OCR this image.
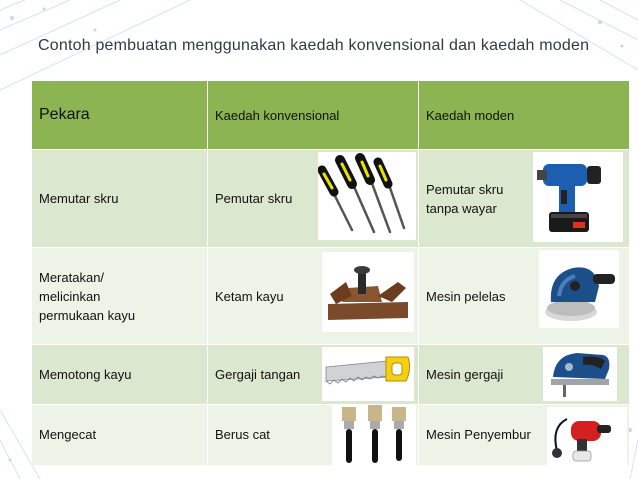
Contoh pembuatan menggunakan kaedah konvensional dan kaedah moden
Pekara	Kaedah konvensional	Kaedah moden
Memutar skru	Pemutar skru	Pemutar skru tanpa wayar

Meratakan/ melicinkan permukaan kayu	Ketam kayu	Mesin pelelas

Memotong kayu	Gergaji tangan	Mesin gergaji

Mengecat	Berus cat	Mesin Penyembur
